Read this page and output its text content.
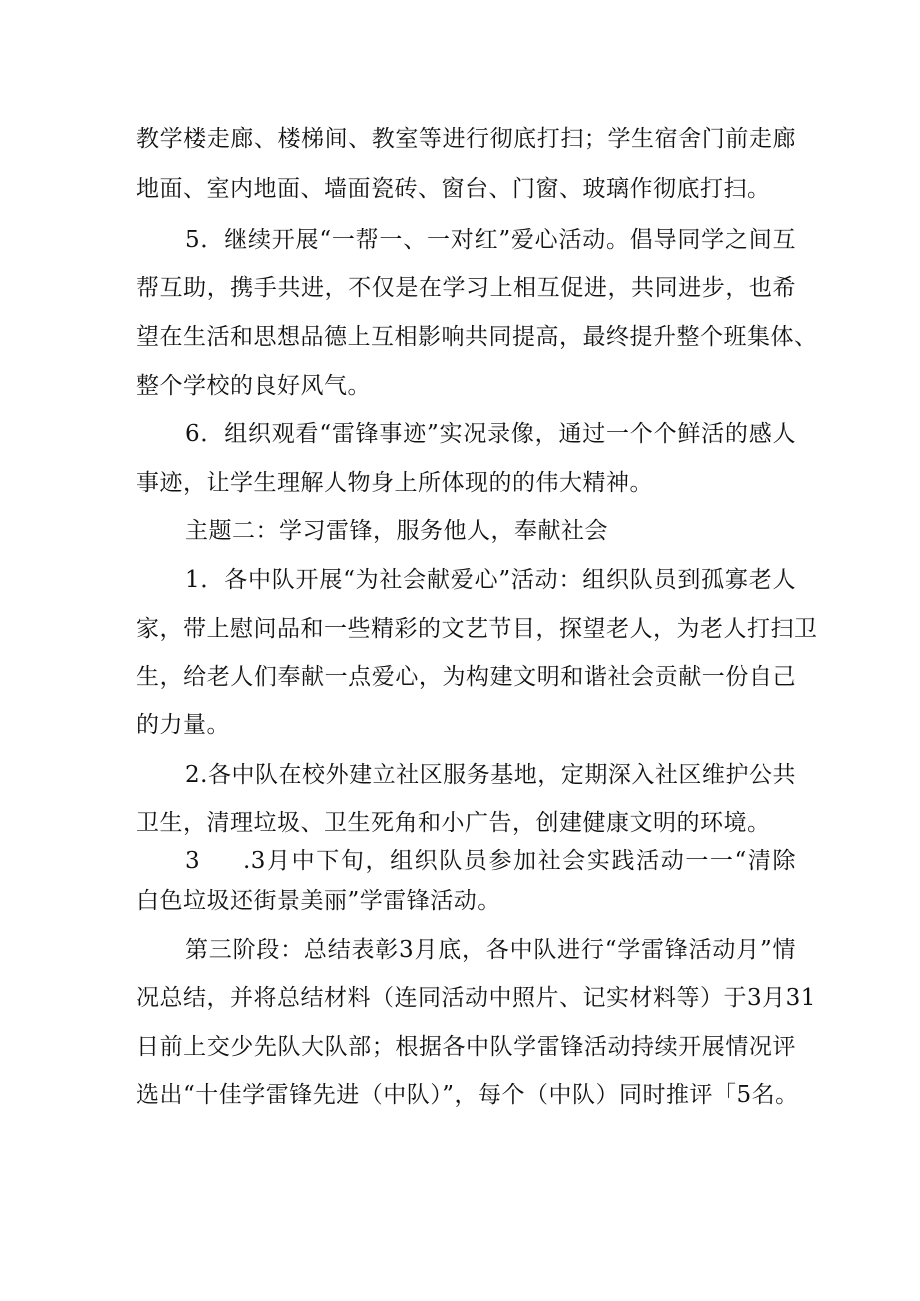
教学楼走廊、楼梯间、教室等进行彻底打扫；学生宿舍门前走廊
地面、室内地面、墙面瓷砖、窗台、门窗、玻璃作彻底打扫。
5．继续开展“一帮一、一对红”爱心活动。倡导同学之间互
帮互助，携手共进，不仅是在学习上相互促进，共同进步，也希
望在生活和思想品德上互相影响共同提高，最终提升整个班集体、
整个学校的良好风气。
6．组织观看“雷锋事迹”实况录像，通过一个个鲜活的感人
事迹，让学生理解人物身上所体现的的伟大精神。
主题二：学习雷锋，服务他人，奉献社会
1．各中队开展“为社会献爱心”活动：组织队员到孤寡老人
家，带上慰问品和一些精彩的文艺节目，探望老人，为老人打扫卫
生，给老人们奉献一点爱心，为构建文明和谐社会贡献一份自己
的力量。
2.各中队在校外建立社区服务基地，定期深入社区维护公共
卫生，清理垃圾、卫生死角和小广告，创建健康文明的环境。
3	.3月中下旬，组织队员参加社会实践活动一一“清除
白色垃圾还街景美丽”学雷锋活动。
第三阶段：总结表彰3月底，各中队进行“学雷锋活动月”情
况总结，并将总结材料（连同活动中照片、记实材料等）于3月31
日前上交少先队大队部；根据各中队学雷锋活动持续开展情况评
选出“十佳学雷锋先进（中队）”，每个（中队）同时推评「5名。
